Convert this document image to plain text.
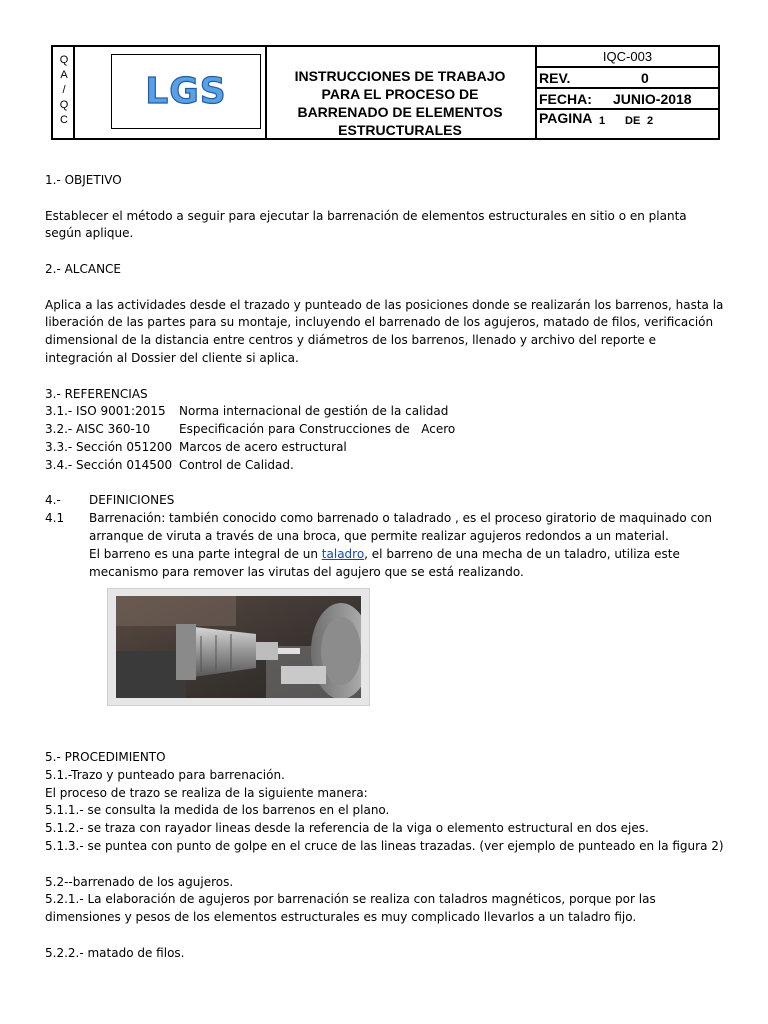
Q
A
/
Q
C
LGS	INSTRUCCIONES DE TRABAJO
PARA EL PROCESO DE
BARRENADO DE ELEMENTOS
ESTRUCTURALES
IQC-003
REV.	0
FECHA: JUNIO-2018
PAGINA 1 DE 2

1.- OBJETIVO

Establecer el método a seguir para ejecutar la barrenación de elementos estructurales en sitio o en planta según aplique.

2.- ALCANCE

Aplica a las actividades desde el trazado y punteado de las posiciones donde se realizarán los barrenos, hasta la liberación de las partes para su montaje, incluyendo el barrenado de los agujeros, matado de filos, verificación dimensional de la distancia entre centros y diámetros de los barrenos, llenado y archivo del reporte e integración al Dossier del cliente si aplica.

3.- REFERENCIAS

3.1.- ISO 9001:2015	Norma internacional de gestión de la calidad
3.2.- AISC 360-10	Especificación para Construcciones de   Acero
3.3.- Sección 051200 Marcos de acero estructural
3.4.- Sección 014500 Control de Calidad.
4.-	DEFINICIONES
4.1	Barrenación: también conocido como barrenado o taladrado , es el proceso giratorio de maquinado con arranque de viruta a través de una broca, que permite realizar agujeros redondos a un material.

El barreno es una parte integral de un taladro, el barreno de una mecha de un taladro, utiliza este mecanismo para remover las virutas del agujero que se está realizando.

5.- PROCEDIMIENTO

5.1.-Trazo y punteado para barrenación.

El proceso de trazo se realiza de la siguiente manera:

5.1.1.- se consulta la medida de los barrenos en el plano.

5.1.2.- se traza con rayador lineas desde la referencia de la viga o elemento estructural en dos ejes.

5.1.3.- se puntea con punto de golpe en el cruce de las lineas trazadas. (ver ejemplo de punteado en la figura 2)

5.2--barrenado de los agujeros.

5.2.1.- La elaboración de agujeros por barrenación se realiza con taladros magnéticos, porque por las dimensiones y pesos de los elementos estructurales es muy complicado llevarlos a un taladro fijo.

5.2.2.- matado de filos.
